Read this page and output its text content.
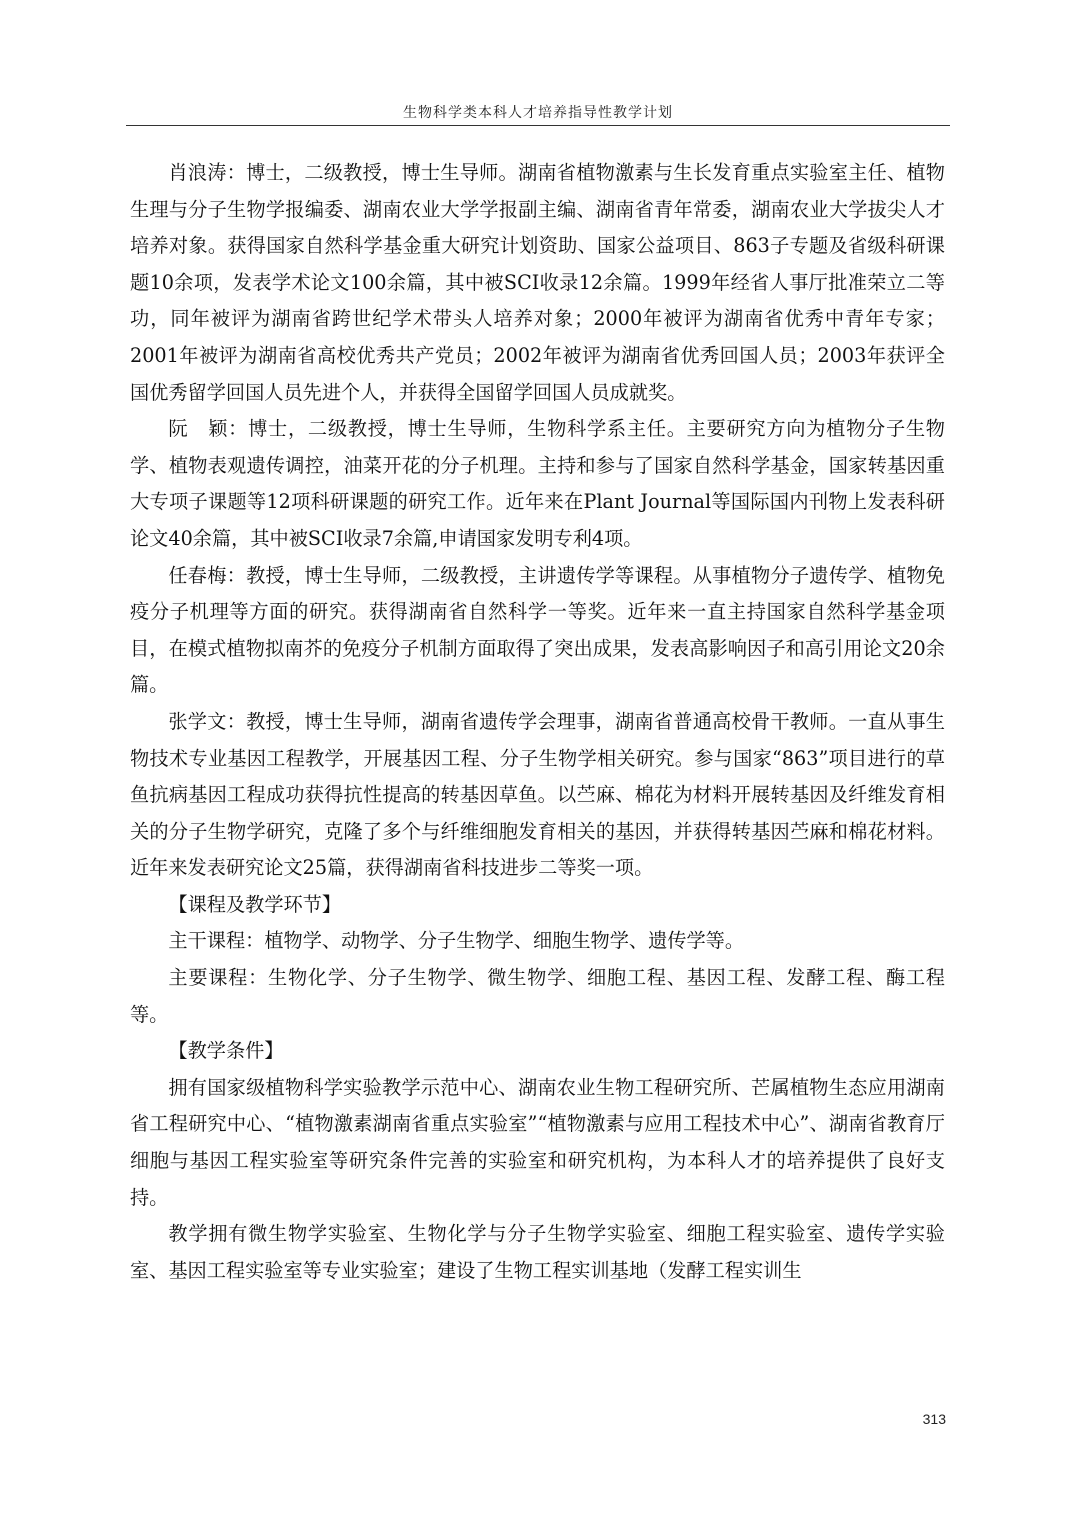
生物科学类本科人才培养指导性教学计划

肖浪涛：博士，二级教授，博士生导师。湖南省植物激素与生长发育重点实验室主任、植物生理与分子生物学报编委、湖南农业大学学报副主编、湖南省青年常委，湖南农业大学拔尖人才培养对象。获得国家自然科学基金重大研究计划资助、国家公益项目、863子专题及省级科研课题10余项，发表学术论文100余篇，其中被SCI收录12余篇。1999年经省人事厅批准荣立二等功，同年被评为湖南省跨世纪学术带头人培养对象；2000年被评为湖南省优秀中青年专家；2001年被评为湖南省高校优秀共产党员；2002年被评为湖南省优秀回国人员；2003年获评全国优秀留学回国人员先进个人，并获得全国留学回国人员成就奖。

阮　颖：博士，二级教授，博士生导师，生物科学系主任。主要研究方向为植物分子生物学、植物表观遗传调控，油菜开花的分子机理。主持和参与了国家自然科学基金，国家转基因重大专项子课题等12项科研课题的研究工作。近年来在Plant Journal等国际国内刊物上发表科研论文40余篇，其中被SCI收录7余篇,申请国家发明专利4项。

任春梅：教授，博士生导师，二级教授，主讲遗传学等课程。从事植物分子遗传学、植物免疫分子机理等方面的研究。获得湖南省自然科学一等奖。近年来一直主持国家自然科学基金项目，在模式植物拟南芥的免疫分子机制方面取得了突出成果，发表高影响因子和高引用论文20余篇。

张学文：教授，博士生导师，湖南省遗传学会理事，湖南省普通高校骨干教师。一直从事生物技术专业基因工程教学，开展基因工程、分子生物学相关研究。参与国家“863”项目进行的草鱼抗病基因工程成功获得抗性提高的转基因草鱼。以苎麻、棉花为材料开展转基因及纤维发育相关的分子生物学研究，克隆了多个与纤维细胞发育相关的基因，并获得转基因苎麻和棉花材料。近年来发表研究论文25篇，获得湖南省科技进步二等奖一项。

【课程及教学环节】

主干课程：植物学、动物学、分子生物学、细胞生物学、遗传学等。

主要课程：生物化学、分子生物学、微生物学、细胞工程、基因工程、发酵工程、酶工程等。

【教学条件】

拥有国家级植物科学实验教学示范中心、湖南农业生物工程研究所、芒属植物生态应用湖南省工程研究中心、“植物激素湖南省重点实验室”“植物激素与应用工程技术中心”、湖南省教育厅细胞与基因工程实验室等研究条件完善的实验室和研究机构，为本科人才的培养提供了良好支持。

教学拥有微生物学实验室、生物化学与分子生物学实验室、细胞工程实验室、遗传学实验室、基因工程实验室等专业实验室；建设了生物工程实训基地（发酵工程实训生

313
